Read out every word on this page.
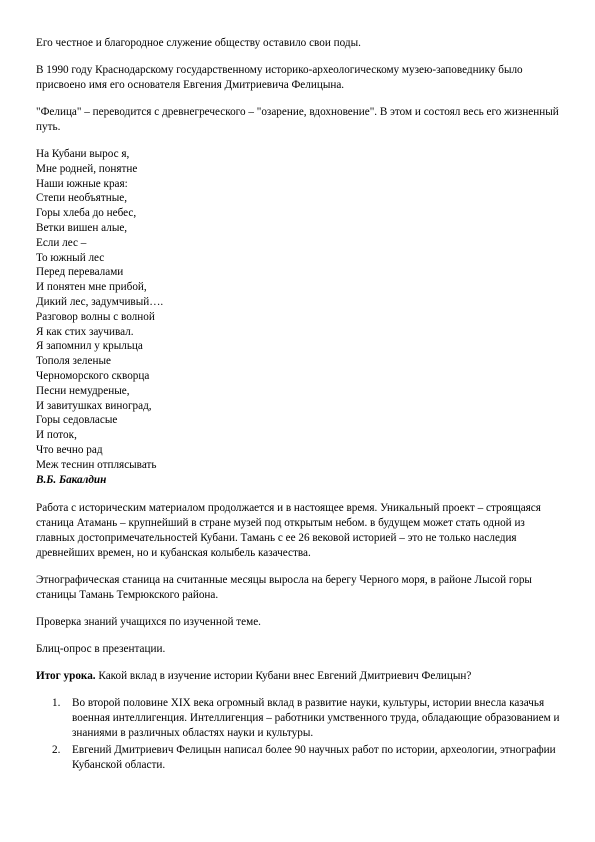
Его честное и благородное служение обществу оставило свои поды.

В 1990 году Краснодарскому государственному историко-археологическому музею-заповеднику было присвоено имя его основателя Евгения Дмитриевича Фелицына.

"Фелица" – переводится с древнегреческого – "озарение, вдохновение". В этом и состоял весь его жизненный путь.

На Кубани вырос я,
Мне родней, понятне
Наши южные края:
Степи необъятные,
Горы хлеба до небес,
Ветки вишен алые,
Если лес –
То южный лес
Перед перевалами
И понятен мне прибой,
Дикий лес, задумчивый….
Разговор волны с волной
Я как стих заучивал.
Я запомнил у крыльца
Тополя зеленые
Черноморского скворца
Песни немудреные,
И завитушках виноград,
Горы седовласые
И поток,
Что вечно рад
Меж теснин отплясывать
В.Б. Бакалдин

Работа с историческим материалом продолжается и в настоящее время. Уникальный проект – строящаяся станица Атамань – крупнейший в стране музей под открытым небом. в будущем может стать одной из главных достопримечательностей Кубани. Тамань с ее 26 вековой историей – это не только наследия древнейших времен, но и кубанская колыбель казачества.

Этнографическая станица на считанные месяцы выросла на берегу Черного моря, в районе Лысой горы станицы Тамань Темрюкского района.

Проверка знаний учащихся по изученной теме.

Блиц-опрос в презентации.

Итог урока. Какой вклад в изучение истории Кубани внес Евгений Дмитриевич Фелицын?

1. Во второй половине XIX века огромный вклад в развитие науки, культуры, истории внесла казачья военная интеллигенция. Интеллигенция – работники умственного труда, обладающие образованием и знаниями в различных областях науки и культуры.
2. Евгений Дмитриевич Фелицын написал более 90 научных работ по истории, археологии, этнографии Кубанской области.
